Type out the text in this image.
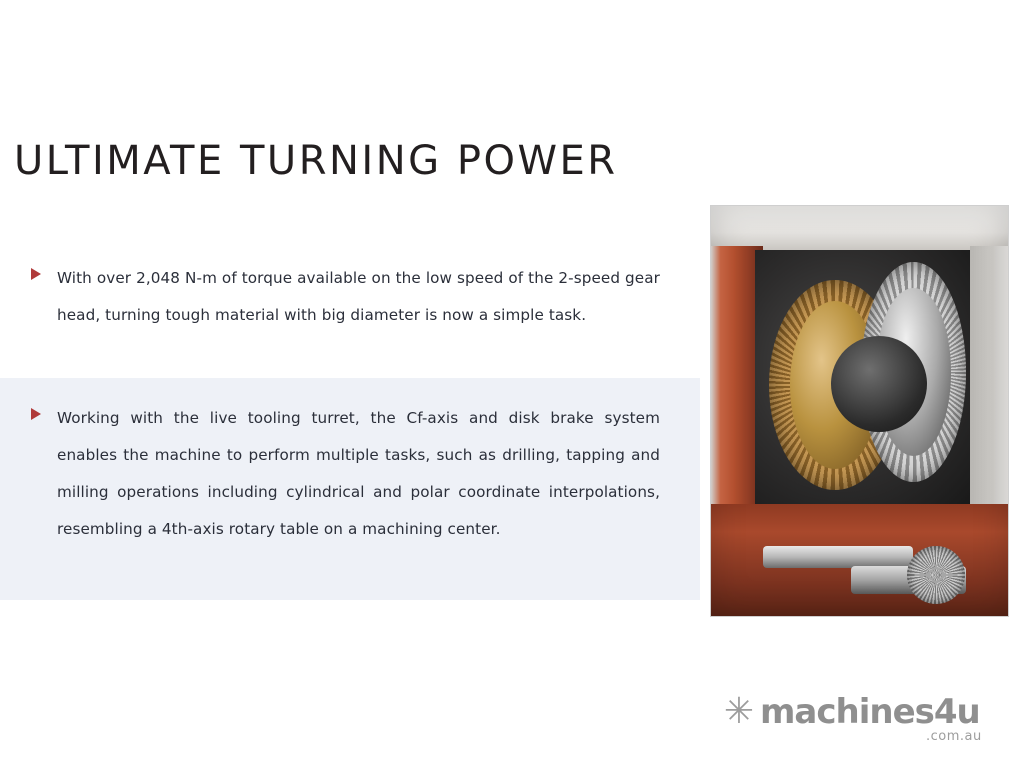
ULTIMATE TURNING POWER
With over 2,048 N-m of torque available on the low speed of the 2-speed gear head, turning tough material with big diameter is now a simple task.
Working with the live tooling turret, the Cf-axis and disk brake system enables the machine to perform multiple tasks, such as drilling, tapping and milling operations including cylindrical and polar coordinate interpolations, resembling a 4th-axis rotary table on a machining center.
✳ machines4u
.com.au
